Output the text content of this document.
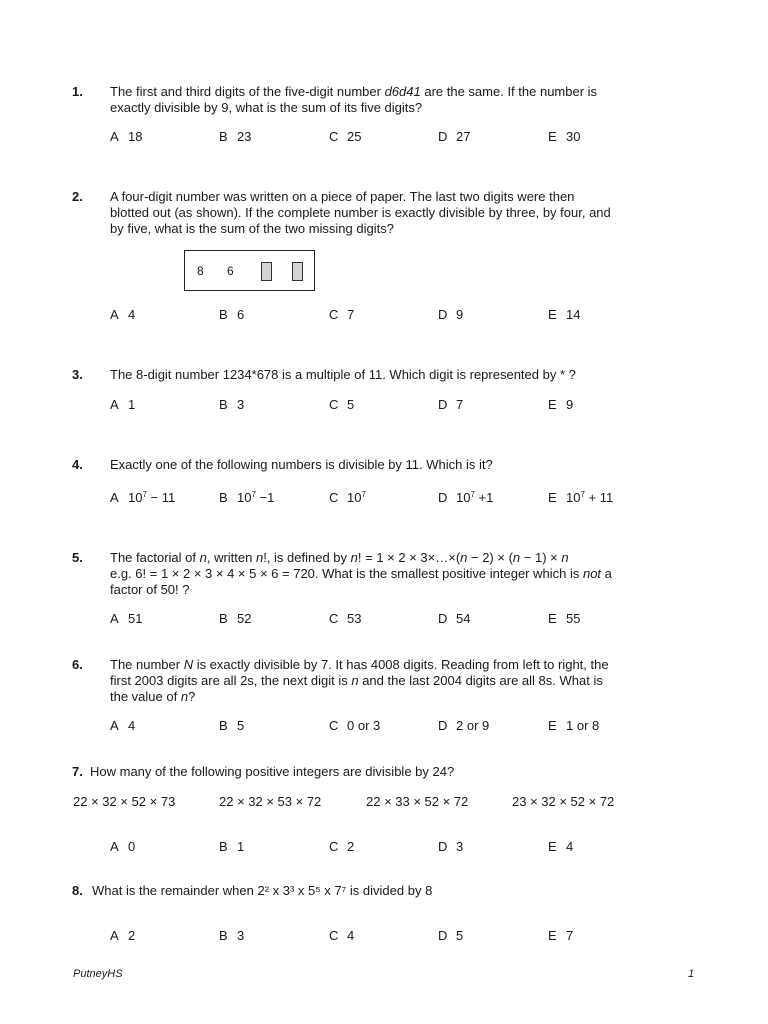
1. The first and third digits of the five-digit number d6d41 are the same. If the number is
exactly divisible by 9, what is the sum of its five digits?
A 18	B 23	C 25	D 27	E 30
2. A four-digit number was written on a piece of paper. The last two digits were then
blotted out (as shown). If the complete number is exactly divisible by three, by four, and
by five, what is the sum of the two missing digits?
8 6
A 4	B 6	C 7	D 9	E 14
3. The 8-digit number 1234*678 is a multiple of 11. Which digit is represented by * ?
A 1	B 3	C 5	D 7	E 9
4. Exactly one of the following numbers is divisible by 11. Which is it?
A $10^7 - 11$	B $10^7 -1$	C $10^7$	D $10^7 +1$	E $10^7 + 11$
5. The factorial of n, written n!, is defined by n! = 1 × 2 × 3×…×(n − 2) × (n − 1) × n
e.g. 6! = 1 × 2 × 3 × 4 × 5 × 6 = 720. What is the smallest positive integer which is not a
factor of 50! ?
A 51	B 52	C 53	D 54	E 55
6. The number N is exactly divisible by 7. It has 4008 digits. Reading from left to right, the
first 2003 digits are all 2s, the next digit is n and the last 2004 digits are all 8s. What is
the value of n?
A 4	B 5	C 0 or 3	D 2 or 9	E 1 or 8
7. How many of the following positive integers are divisible by 24?
22 × 32 × 52 × 73	22 × 32 × 53 × 72	22 × 33 × 52 × 72	23 × 32 × 52 × 72
A 0	B 1	C 2	D 3	E 4
8. What is the remainder when 2² x 3³ x 5⁵ x 7⁷ is divided by 8
A 2	B 3	C 4	D 5	E 7
PutneyHS	1
